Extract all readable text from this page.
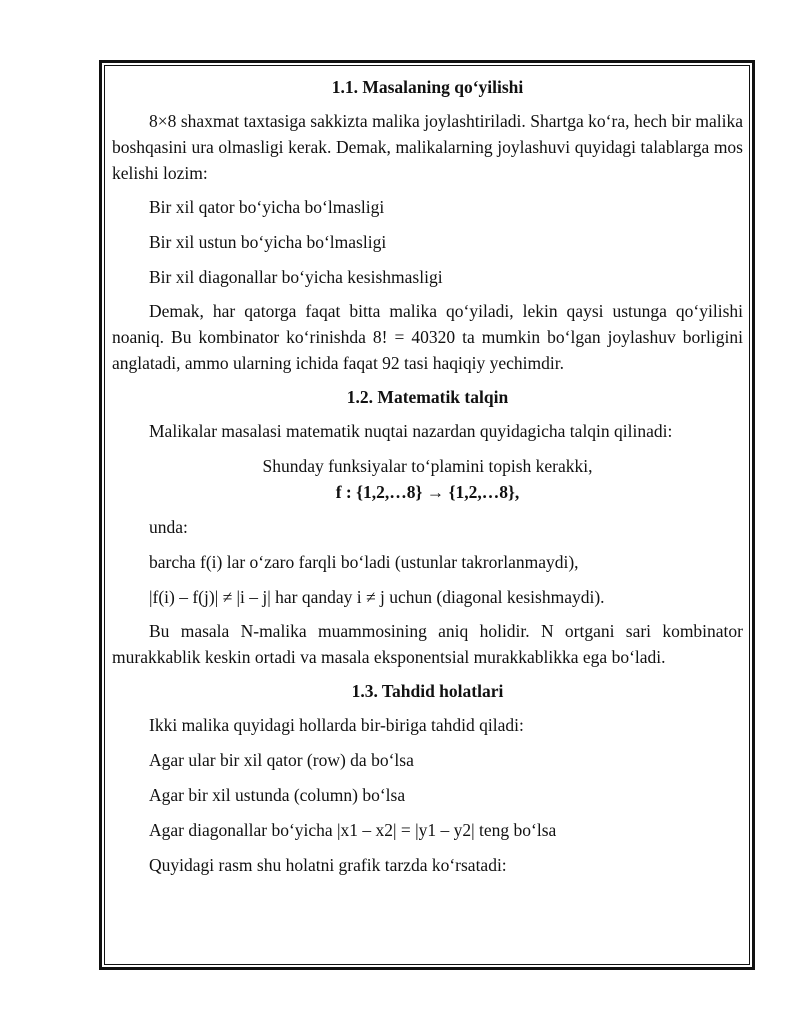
1.1. Masalaning qo‘yilishi

8×8 shaxmat taxtasiga sakkizta malika joylashtiriladi. Shartga ko‘ra, hech bir malika boshqasini ura olmasligi kerak. Demak, malikalarning joylashuvi quyidagi talablarga mos kelishi lozim:

Bir xil qator bo‘yicha bo‘lmasligi

Bir xil ustun bo‘yicha bo‘lmasligi

Bir xil diagonallar bo‘yicha kesishmasligi

Demak, har qatorga faqat bitta malika qo‘yiladi, lekin qaysi ustunga qo‘yilishi noaniq. Bu kombinator ko‘rinishda 8! = 40320 ta mumkin bo‘lgan joylashuv borligini anglatadi, ammo ularning ichida faqat 92 tasi haqiqiy yechimdir.

1.2. Matematik talqin

Malikalar masalasi matematik nuqtai nazardan quyidagicha talqin qilinadi:

Shunday funksiyalar to‘plamini topish kerakki,

f : {1,2,…8} → {1,2,…8},

unda:

barcha f(i) lar o‘zaro farqli bo‘ladi (ustunlar takrorlanmaydi),

|f(i) – f(j)| ≠ |i – j| har qanday i ≠ j uchun (diagonal kesishmaydi).

Bu masala N-malika muammosining aniq holidir. N ortgani sari kombinator murakkablik keskin ortadi va masala eksponentsial murakkablikka ega bo‘ladi.

1.3. Tahdid holatlari

Ikki malika quyidagi hollarda bir-biriga tahdid qiladi:

Agar ular bir xil qator (row) da bo‘lsa

Agar bir xil ustunda (column) bo‘lsa

Agar diagonallar bo‘yicha |x1 – x2| = |y1 – y2| teng bo‘lsa

Quyidagi rasm shu holatni grafik tarzda ko‘rsatadi:
